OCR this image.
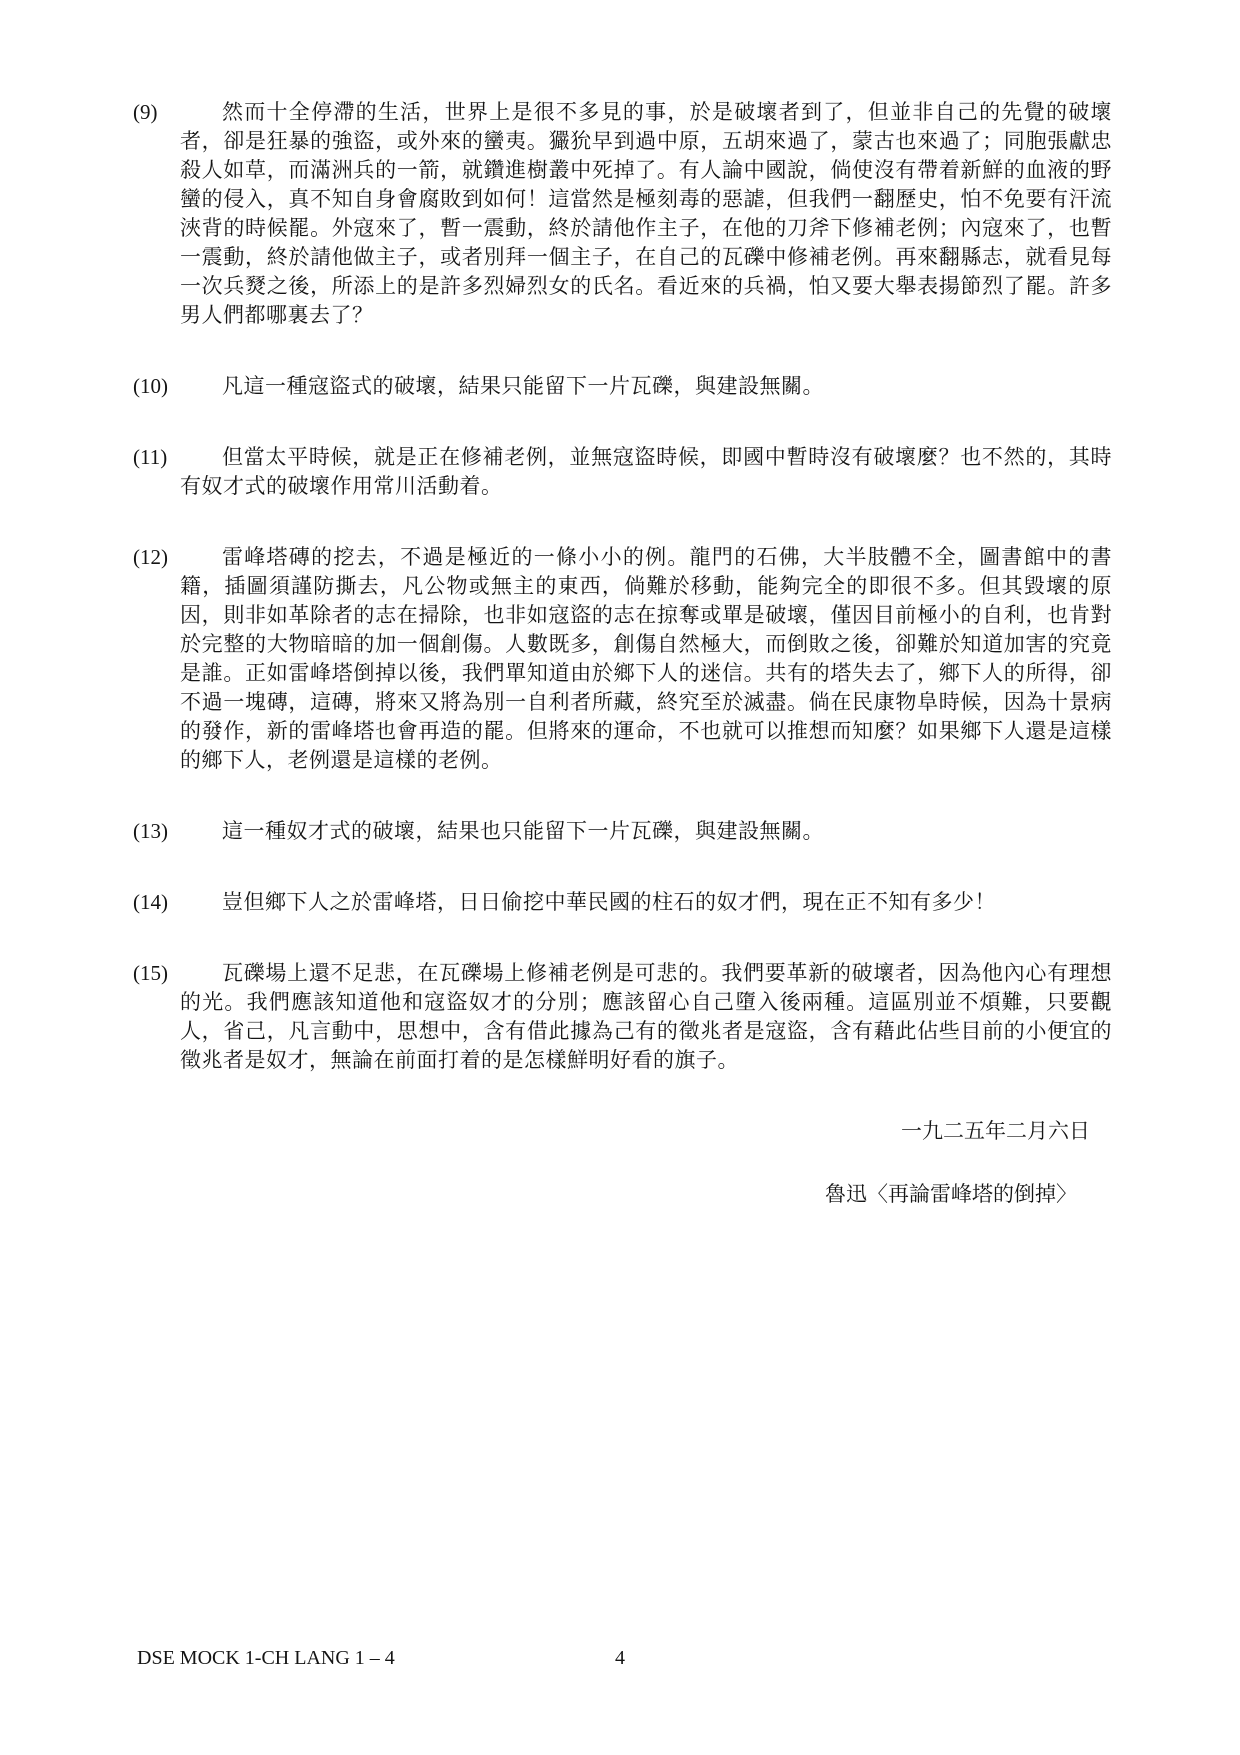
(9)	然而十全停滯的生活，世界上是很不多見的事，於是破壞者到了，但並非自己的先覺的破壞者，卻是狂暴的強盜，或外來的蠻夷。玁狁早到過中原，五胡來過了，蒙古也來過了；同胞張獻忠殺人如草，而滿洲兵的一箭，就鑽進樹叢中死掉了。有人論中國說，倘使沒有帶着新鮮的血液的野蠻的侵入，真不知自身會腐敗到如何！這當然是極刻毒的惡謔，但我們一翻歷史，怕不免要有汗流浹背的時候罷。外寇來了，暫一震動，終於請他作主子，在他的刀斧下修補老例；內寇來了，也暫一震動，終於請他做主子，或者別拜一個主子，在自己的瓦礫中修補老例。再來翻縣志，就看見每一次兵燹之後，所添上的是許多烈婦烈女的氏名。看近來的兵禍，怕又要大舉表揚節烈了罷。許多男人們都哪裏去了？
(10)	凡這一種寇盜式的破壞，結果只能留下一片瓦礫，與建設無關。
(11)	但當太平時候，就是正在修補老例，並無寇盜時候，即國中暫時沒有破壞麼？也不然的，其時有奴才式的破壞作用常川活動着。
(12)	雷峰塔磚的挖去，不過是極近的一條小小的例。龍門的石佛，大半肢體不全，圖書館中的書籍，插圖須謹防撕去，凡公物或無主的東西，倘難於移動，能夠完全的即很不多。但其毀壞的原因，則非如革除者的志在掃除，也非如寇盜的志在掠奪或單是破壞，僅因目前極小的自利，也肯對於完整的大物暗暗的加一個創傷。人數既多，創傷自然極大，而倒敗之後，卻難於知道加害的究竟是誰。正如雷峰塔倒掉以後，我們單知道由於鄉下人的迷信。共有的塔失去了，鄉下人的所得，卻不過一塊磚，這磚，將來又將為別一自利者所藏，終究至於滅盡。倘在民康物阜時候，因為十景病的發作，新的雷峰塔也會再造的罷。但將來的運命，不也就可以推想而知麼？如果鄉下人還是這樣的鄉下人，老例還是這樣的老例。
(13)	這一種奴才式的破壞，結果也只能留下一片瓦礫，與建設無關。
(14)	豈但鄉下人之於雷峰塔，日日偷挖中華民國的柱石的奴才們，現在正不知有多少！
(15)	瓦礫場上還不足悲，在瓦礫場上修補老例是可悲的。我們要革新的破壞者，因為他內心有理想的光。我們應該知道他和寇盜奴才的分別；應該留心自己墮入後兩種。這區別並不煩難，只要觀人，省己，凡言動中，思想中，含有借此據為己有的徵兆者是寇盜，含有藉此佔些目前的小便宜的徵兆者是奴才，無論在前面打着的是怎樣鮮明好看的旗子。
一九二五年二月六日
魯迅〈再論雷峰塔的倒掉〉
DSE MOCK 1-CH LANG 1 – 4	4
